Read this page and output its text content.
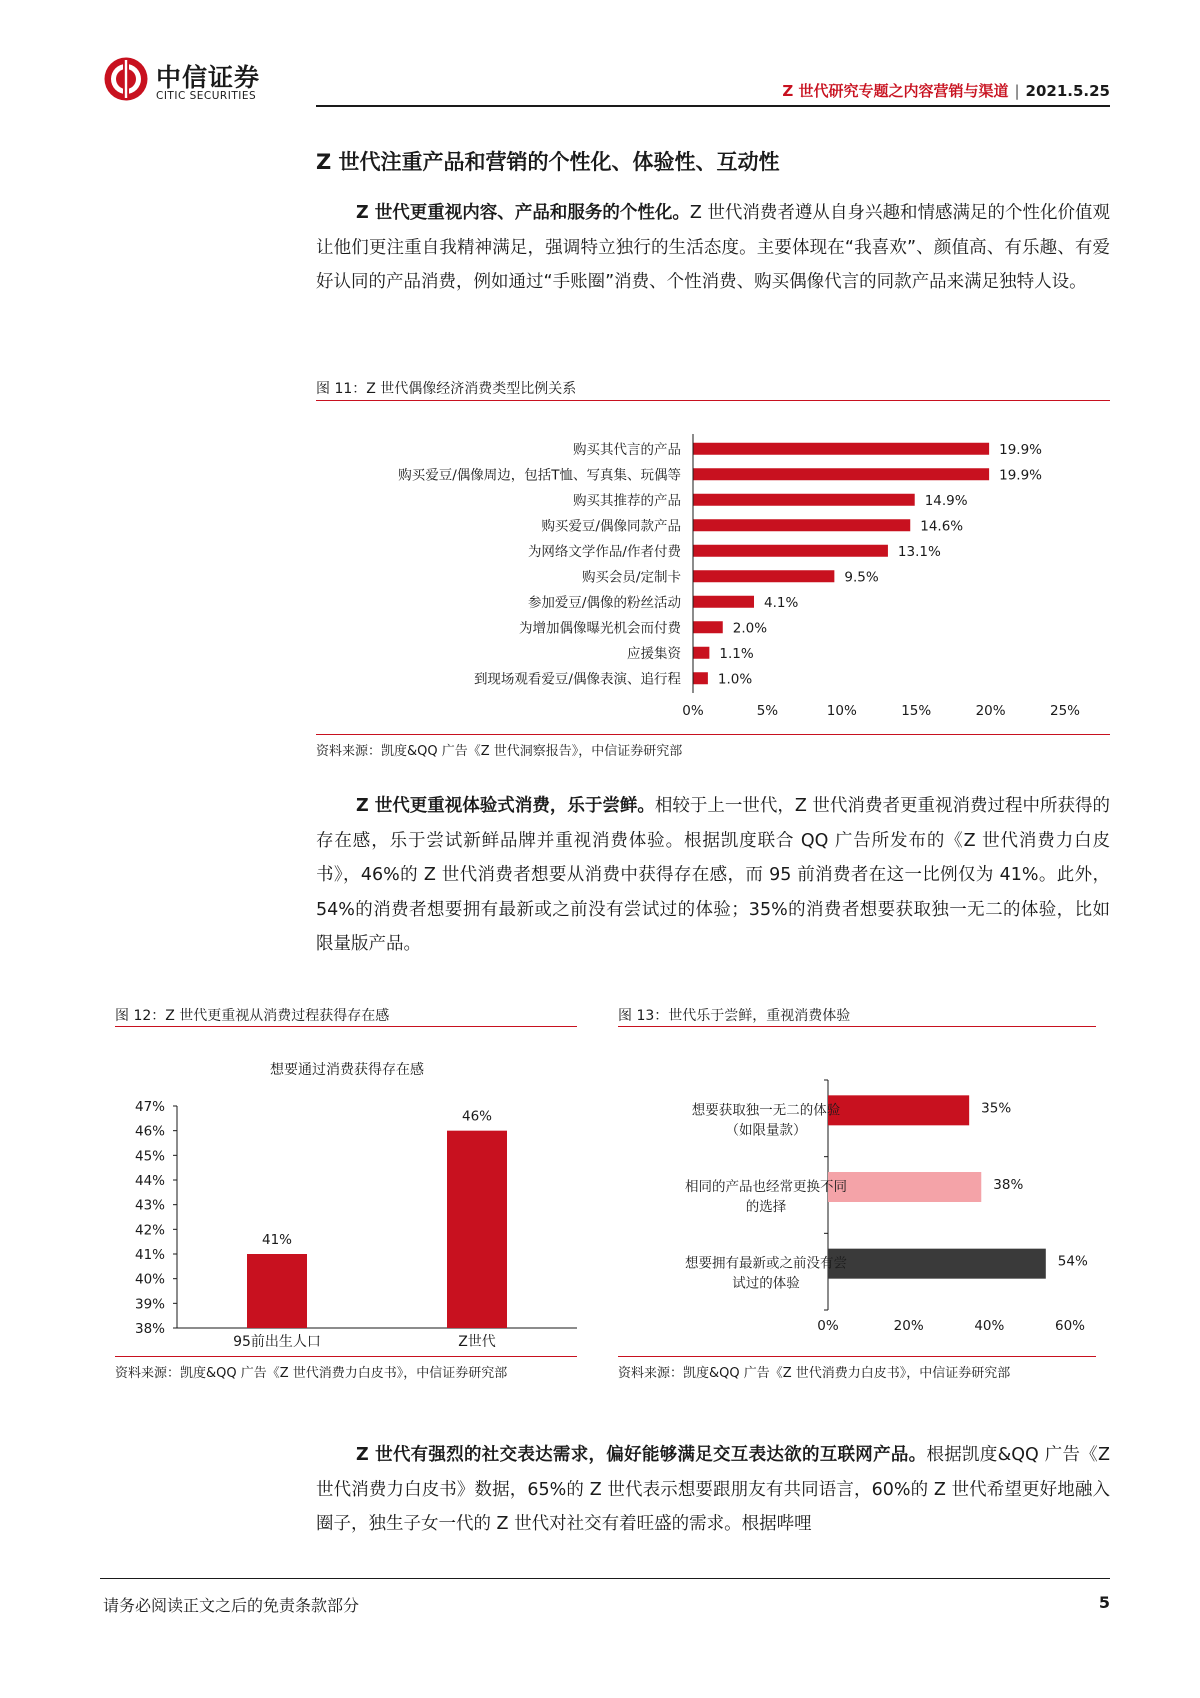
中信证券
CITIC SECURITIES	Z 世代研究专题之内容营销与渠道 | 2021.5.25
Z 世代注重产品和营销的个性化、体验性、互动性
Z 世代更重视内容、产品和服务的个性化。Z 世代消费者遵从自身兴趣和情感满足的个性化价值观让他们更注重自我精神满足，强调特立独行的生活态度。主要体现在“我喜欢”、颜值高、有乐趣、有爱好认同的产品消费，例如通过“手账圈”消费、个性消费、购买偶像代言的同款产品来满足独特人设。
图 11：Z 世代偶像经济消费类型比例关系
购买其代言的产品	19.9%
购买爱豆/偶像周边，包括T恤、写真集、玩偶等	19.9%
购买其推荐的产品	14.9%
购买爱豆/偶像同款产品	14.6%
为网络文学作品/作者付费	13.1%
购买会员/定制卡	9.5%
参加爱豆/偶像的粉丝活动	4.1%
为增加偶像曝光机会而付费	2.0%
应援集资	1.1%
到现场观看爱豆/偶像表演、追行程	1.0%
0%	5%	10%	15%	20%	25%
资料来源：凯度&QQ 广告《Z 世代洞察报告》，中信证券研究部
Z 世代更重视体验式消费，乐于尝鲜。相较于上一世代，Z 世代消费者更重视消费过程中所获得的存在感，乐于尝试新鲜品牌并重视消费体验。根据凯度联合 QQ 广告所发布的《Z 世代消费力白皮书》，46%的 Z 世代消费者想要从消费中获得存在感，而 95 前消费者在这一比例仅为 41%。此外，54%的消费者想要拥有最新或之前没有尝试过的体验；35%的消费者想要获取独一无二的体验，比如限量版产品。
图 12：Z 世代更重视从消费过程获得存在感
想要通过消费获得存在感
38%
39%
40%
41%
42%
43%
44%
45%
46%
47%
41%
95前出生人口
46%
Z世代
资料来源：凯度&QQ 广告《Z 世代消费力白皮书》，中信证券研究部
图 13：世代乐于尝鲜，重视消费体验
35%
想要获取独一无二的体验
（如限量款）
38%
相同的产品也经常更换不同
的选择
54%
想要拥有最新或之前没有尝
试过的体验
0%	20%	40%	60%
资料来源：凯度&QQ 广告《Z 世代消费力白皮书》，中信证券研究部
Z 世代有强烈的社交表达需求，偏好能够满足交互表达欲的互联网产品。根据凯度&QQ 广告《Z 世代消费力白皮书》数据，65%的 Z 世代表示想要跟朋友有共同语言，60%的 Z 世代希望更好地融入圈子，独生子女一代的 Z 世代对社交有着旺盛的需求。根据哔哩
请务必阅读正文之后的免责条款部分	5
